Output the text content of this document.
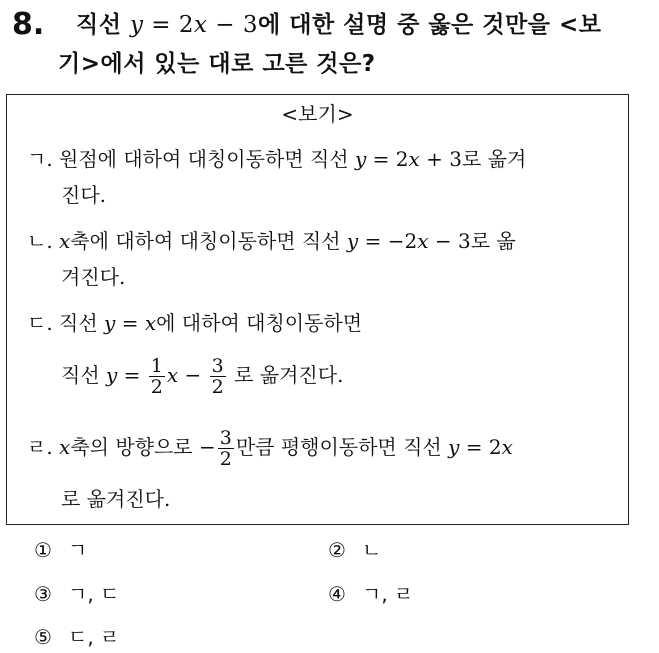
8. 직선 y = 2x − 3에 대한 설명 중 옳은 것만을 <보
기>에서 있는 대로 고른 것은?
<보기>
ㄱ. 원점에 대하여 대칭이동하면 직선 y = 2x + 3로 옮겨
진다.
ㄴ. x축에 대하여 대칭이동하면 직선 y = −2x − 3로 옮
겨진다.
ㄷ. 직선 y = x에 대하여 대칭이동하면
직선 $y = \frac{1}{2}$ $x - \frac{3}{2}$ 로 옮겨진다.
ㄹ. x축의 방향으로 − $\frac{3}{2}$ 만큼 평행이동하면 직선 y = 2x
로 옮겨진다.
① ㄱ	② ㄴ
③ ㄱ, ㄷ	④ ㄱ, ㄹ
⑤ ㄷ, ㄹ
